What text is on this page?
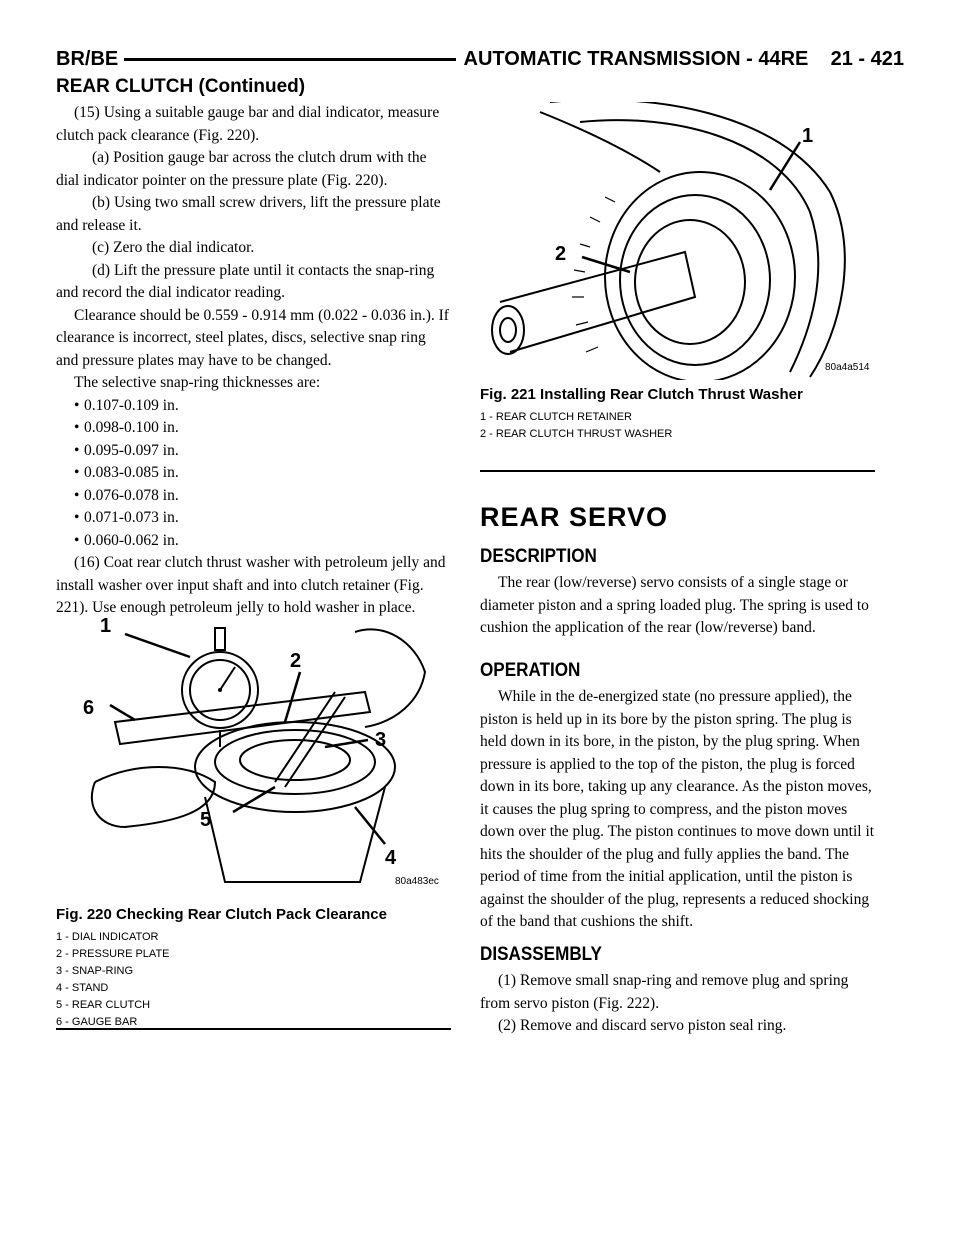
BR/BE	AUTOMATIC TRANSMISSION - 44RE    21 - 421
REAR CLUTCH (Continued)

(15) Using a suitable gauge bar and dial indicator, measure clutch pack clearance (Fig. 220).

(a) Position gauge bar across the clutch drum with the dial indicator pointer on the pressure plate (Fig. 220).

(b) Using two small screw drivers, lift the pressure plate and release it.

(c) Zero the dial indicator.

(d) Lift the pressure plate until it contacts the snap-ring and record the dial indicator reading.

Clearance should be 0.559 - 0.914 mm (0.022 - 0.036 in.). If clearance is incorrect, steel plates, discs, selective snap ring and pressure plates may have to be changed.

The selective snap-ring thicknesses are:

• 0.107-0.109 in.

• 0.098-0.100 in.

• 0.095-0.097 in.

• 0.083-0.085 in.

• 0.076-0.078 in.

• 0.071-0.073 in.

• 0.060-0.062 in.

(16) Coat rear clutch thrust washer with petroleum jelly and install washer over input shaft and into clutch retainer (Fig. 221). Use enough petroleum jelly to hold washer in place.

1
2
3
4
5
6
80a483ec

Fig. 220 Checking Rear Clutch Pack Clearance

1 - DIAL INDICATOR

2 - PRESSURE PLATE

3 - SNAP-RING

4 - STAND

5 - REAR CLUTCH

6 - GAUGE BAR

1
2
80a4a514

Fig. 221 Installing Rear Clutch Thrust Washer

1 - REAR CLUTCH RETAINER

2 - REAR CLUTCH THRUST WASHER

REAR SERVO
DESCRIPTION

The rear (low/reverse) servo consists of a single stage or diameter piston and a spring loaded plug. The spring is used to cushion the application of the rear (low/reverse) band.

OPERATION

While in the de-energized state (no pressure applied), the piston is held up in its bore by the piston spring. The plug is held down in its bore, in the piston, by the plug spring. When pressure is applied to the top of the piston, the plug is forced down in its bore, taking up any clearance. As the piston moves, it causes the plug spring to compress, and the piston moves down over the plug. The piston continues to move down until it hits the shoulder of the plug and fully applies the band. The period of time from the initial application, until the piston is against the shoulder of the plug, represents a reduced shocking of the band that cushions the shift.

DISASSEMBLY

(1) Remove small snap-ring and remove plug and spring from servo piston (Fig. 222).

(2) Remove and discard servo piston seal ring.
